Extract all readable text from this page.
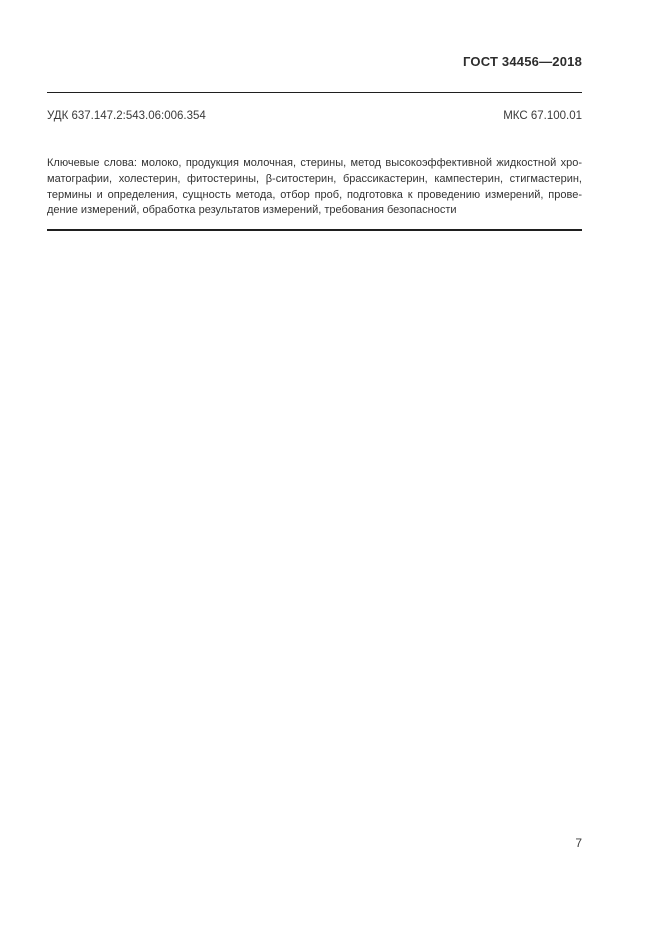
ГОСТ 34456—2018
УДК 637.147.2:543.06:006.354	МКС 67.100.01
Ключевые слова: молоко, продукция молочная, стерины, метод высокоэффективной жидкостной хро-
матографии, холестерин, фитостерины, β-ситостерин, брассикастерин, кампестерин, стигмастерин,
термины и определения, сущность метода, отбор проб, подготовка к проведению измерений, прове-
дение измерений, обработка результатов измерений, требования безопасности
7
